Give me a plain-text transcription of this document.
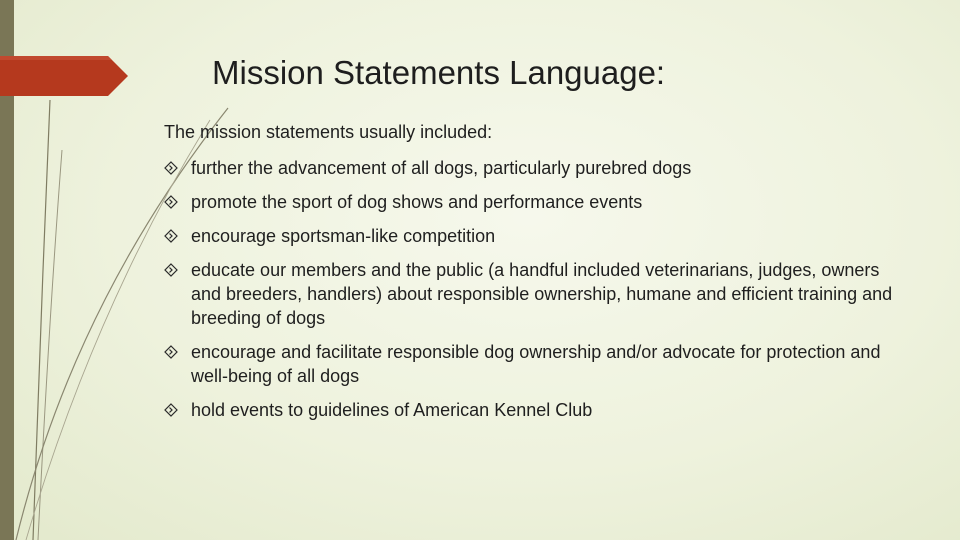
Mission Statements Language:
The mission statements usually included:
further the advancement of all dogs, particularly purebred dogs
promote the sport of dog shows and performance events
encourage sportsman-like competition
educate our members and the public (a handful included veterinarians, judges, owners and breeders, handlers) about responsible ownership, humane and efficient training and breeding of dogs
encourage and facilitate responsible dog ownership and/or advocate for protection and well-being of all dogs
hold events to guidelines of American Kennel Club
